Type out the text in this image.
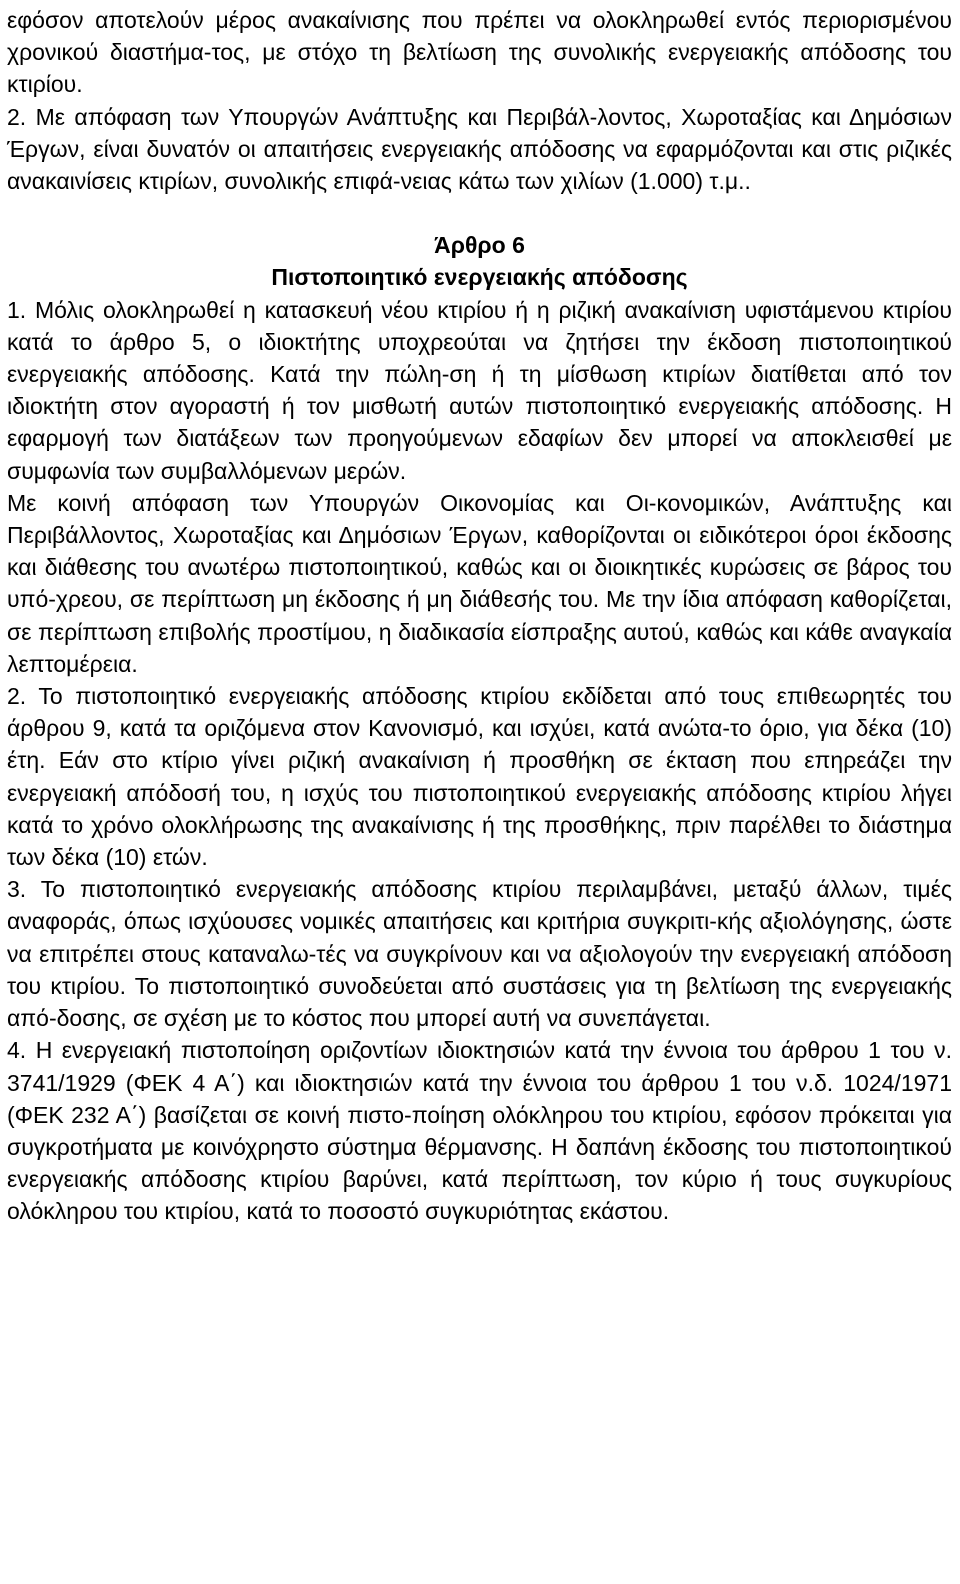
εφόσον αποτελούν μέρος ανακαίνισης που πρέπει να ολοκληρωθεί εντός περιορισμένου χρονικού διαστήμα-τος, με στόχο τη βελτίωση της συνολικής ενεργειακής απόδοσης του κτιρίου.

2. Με απόφαση των Υπουργών Ανάπτυξης και Περιβάλ-λοντος, Χωροταξίας και Δημόσιων Έργων, είναι δυνατόν οι απαιτήσεις ενεργειακής απόδοσης να εφαρμόζονται και στις ριζικές ανακαινίσεις κτιρίων, συνολικής επιφά-νειας κάτω των χιλίων (1.000) τ.μ..

Άρθρο 6

Πιστοποιητικό ενεργειακής απόδοσης

1. Μόλις ολοκληρωθεί η κατασκευή νέου κτιρίου ή η ριζική ανακαίνιση υφιστάμενου κτιρίου κατά το άρθρο 5, ο ιδιοκτήτης υποχρεούται να ζητήσει την έκδοση πιστοποιητικού ενεργειακής απόδοσης. Κατά την πώλη-ση ή τη μίσθωση κτιρίων διατίθεται από τον ιδιοκτήτη στον αγοραστή ή τον μισθωτή αυτών πιστοποιητικό ενεργειακής απόδοσης. Η εφαρμογή των διατάξεων των προηγούμενων εδαφίων δεν μπορεί να αποκλεισθεί με συμφωνία των συμβαλλόμενων μερών.

Με κοινή απόφαση των Υπουργών Οικονομίας και Οι-κονομικών, Ανάπτυξης και Περιβάλλοντος, Χωροταξίας και Δημόσιων Έργων, καθορίζονται οι ειδικότεροι όροι έκδοσης και διάθεσης του ανωτέρω πιστοποιητικού, καθώς και οι διοικητικές κυρώσεις σε βάρος του υπό-χρεου, σε περίπτωση μη έκδοσης ή μη διάθεσής του. Με την ίδια απόφαση καθορίζεται, σε περίπτωση επιβολής προστίμου, η διαδικασία είσπραξης αυτού, καθώς και κάθε αναγκαία λεπτομέρεια.

2. Το πιστοποιητικό ενεργειακής απόδοσης κτιρίου εκδίδεται από τους επιθεωρητές του άρθρου 9, κατά τα οριζόμενα στον Κανονισμό, και ισχύει, κατά ανώτα-το όριο, για δέκα (10) έτη. Εάν στο κτίριο γίνει ριζική ανακαίνιση ή προσθήκη σε έκταση που επηρεάζει την ενεργειακή απόδοσή του, η ισχύς του πιστοποιητικού ενεργειακής απόδοσης κτιρίου λήγει κατά το χρόνο ολοκλήρωσης της ανακαίνισης ή της προσθήκης, πριν παρέλθει το διάστημα των δέκα (10) ετών.

3. Το πιστοποιητικό ενεργειακής απόδοσης κτιρίου περιλαμβάνει, μεταξύ άλλων, τιμές αναφοράς, όπως ισχύουσες νομικές απαιτήσεις και κριτήρια συγκριτι-κής αξιολόγησης, ώστε να επιτρέπει στους καταναλω-τές να συγκρίνουν και να αξιολογούν την ενεργειακή απόδοση του κτιρίου. Το πιστοποιητικό συνοδεύεται από συστάσεις για τη βελτίωση της ενεργειακής από-δοσης, σε σχέση με το κόστος που μπορεί αυτή να συνεπάγεται.

4. Η ενεργειακή πιστοποίηση οριζοντίων ιδιοκτησιών κατά την έννοια του άρθρου 1 του ν. 3741/1929 (ΦΕΚ 4 Α΄) και ιδιοκτησιών κατά την έννοια του άρθρου 1 του ν.δ. 1024/1971 (ΦΕΚ 232 Α΄) βασίζεται σε κοινή πιστο-ποίηση ολόκληρου του κτιρίου, εφόσον πρόκειται για συγκροτήματα με κοινόχρηστο σύστημα θέρμανσης. Η δαπάνη έκδοσης του πιστοποιητικού ενεργειακής απόδοσης κτιρίου βαρύνει, κατά περίπτωση, τον κύριο ή τους συγκυρίους ολόκληρου του κτιρίου, κατά το ποσοστό συγκυριότητας εκάστου.
